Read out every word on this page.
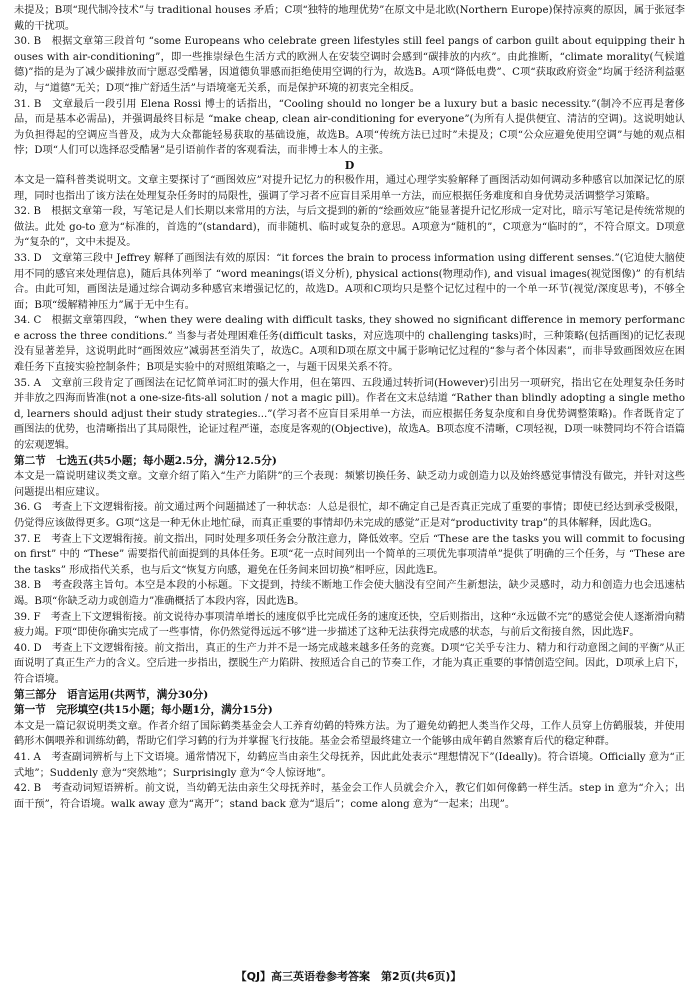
未提及；B项“现代制冷技术”与 traditional houses 矛盾；C项“独特的地理优势”在原文中是北欧(Northern Europe)保持凉爽的原因，属于张冠李戴的干扰项。

30. B　根据文章第三段首句 “some Europeans who celebrate green lifestyles still feel pangs of carbon guilt about equipping their houses with air-conditioning”，即一些推崇绿色生活方式的欧洲人在安装空调时会感到“碳排放的内疚”。由此推断，“climate morality(气候道德)”指的是为了减少碳排放而宁愿忍受酷暑，因道德负罪感而拒绝使用空调的行为，故选B。A项“降低电费”、C项“获取政府资金”均属于经济利益驱动，与“道德”无关；D项“推广舒适生活”与语境毫无关系，而是保护环境的初衷完全相反。

31. B　文章最后一段引用 Elena Rossi 博士的话指出，“Cooling should no longer be a luxury but a basic necessity.”(制冷不应再是奢侈品，而是基本必需品)，并强调最终目标是 “make cheap, clean air-conditioning for everyone”(为所有人提供便宜、清洁的空调)。这说明她认为负担得起的空调应当普及，成为大众都能轻易获取的基础设施，故选B。A项“传统方法已过时”未提及；C项“公众应避免使用空调”与她的观点相悖；D项“人们可以选择忍受酷暑”是引语前作者的客观看法，而非博士本人的主张。

D

本文是一篇科普类说明文。文章主要探讨了“画图效应”对提升记忆力的积极作用，通过心理学实验解释了画图活动如何调动多种感官以加深记忆的原理，同时也指出了该方法在处理复杂任务时的局限性，强调了学习者不应盲目采用单一方法，而应根据任务难度和自身优势灵活调整学习策略。

32. B　根据文章第一段，写笔记是人们长期以来常用的方法，与后文提到的新的“绘画效应”能显著提升记忆形成一定对比，暗示写笔记是传统常规的做法。此处 go-to 意为“标准的，首选的”(standard)，而非随机、临时或复杂的意思。A项意为“随机的”，C项意为“临时的”，不符合原文。D项意为“复杂的”，文中未提及。

33. D　文章第三段中 Jeffrey 解释了画图法有效的原因：“it forces the brain to process information using different senses.”(它迫使大脑使用不同的感官来处理信息)，随后具体列举了 “word meanings(语义分析), physical actions(物理动作), and visual images(视觉图像)” 的有机结合。由此可知，画图法是通过综合调动多种感官来增强记忆的，故选D。A项和C项均只是整个记忆过程中的一个单一环节(视觉/深度思考)，不够全面；B项“缓解精神压力”属于无中生有。

34. C　根据文章第四段，“when they were dealing with difficult tasks, they showed no significant difference in memory performance across the three conditions.” 当参与者处理困难任务(difficult tasks，对应选项中的 challenging tasks)时，三种策略(包括画图)的记忆表现没有显著差异，这说明此时“画图效应”减弱甚至消失了，故选C。A项和D项在原文中属于影响记忆过程的“参与者个体因素”，而非导致画图效应在困难任务下直接实验控制条件；B项是实验中的对照组策略之一，与题干因果关系不符。

35. A　文章前三段肯定了画图法在记忆简单词汇时的强大作用，但在第四、五段通过转折词(However)引出另一项研究，指出它在处理复杂任务时并非放之四海而皆准(not a one-size-fits-all solution / not a magic pill)。作者在文末总结道 “Rather than blindly adopting a single method, learners should adjust their study strategies...”(学习者不应盲目采用单一方法，而应根据任务复杂度和自身优势调整策略)。作者既肯定了画图法的优势，也清晰指出了其局限性，论证过程严谨，态度是客观的(Objective)，故选A。B项态度不清晰，C项轻视，D项一味赞同均不符合语篇的宏观逻辑。

第二节　七选五(共5小题；每小题2.5分，满分12.5分)

本文是一篇说明建议类文章。文章介绍了陷入“生产力陷阱”的三个表现：频繁切换任务、缺乏动力或创造力以及始终感觉事情没有做完，并针对这些问题提出相应建议。

36. G　考查上下文逻辑衔接。前文通过两个问题描述了一种状态：人总是很忙，却不确定自己是否真正完成了重要的事情；即使已经达到承受极限，仍觉得应该做得更多。G项“这是一种无休止地忙碌，而真正重要的事情却仍未完成的感觉”正是对“productivity trap”的具体解释，因此选G。

37. E　考查上下文逻辑衔接。前文指出，同时处理多项任务会分散注意力，降低效率。空后 “These are the tasks you will commit to focusing on first” 中的 “These” 需要指代前面提到的具体任务。E项“花一点时间列出一个简单的三项优先事项清单”提供了明确的三个任务，与 “These are the tasks” 形成指代关系，也与后文“恢复方向感，避免在任务间来回切换”相呼应，因此选E。

38. B　考查段落主旨句。本空是本段的小标题。下文提到，持续不断地工作会使大脑没有空间产生新想法，缺少灵感时，动力和创造力也会迅速枯竭。B项“你缺乏动力或创造力”准确概括了本段内容，因此选B。

39. F　考查上下文逻辑衔接。前文说待办事项清单增长的速度似乎比完成任务的速度还快，空后则指出，这种“永远做不完”的感觉会使人逐渐滑向精疲力竭。F项“即使你确实完成了一些事情，你仍然觉得远远不够”进一步描述了这种无法获得完成感的状态，与前后文衔接自然，因此选F。

40. D　考查上下文逻辑衔接。前文指出，真正的生产力并不是一场完成越来越多任务的竞赛。D项“它关乎专注力、精力和行动意图之间的平衡”从正面说明了真正生产力的含义。空后进一步指出，摆脱生产力陷阱、按照适合自己的节奏工作，才能为真正重要的事情创造空间。因此，D项承上启下，符合语境。

第三部分　语言运用(共两节，满分30分)

第一节　完形填空(共15小题；每小题1分，满分15分)

本文是一篇记叙说明类文章。作者介绍了国际鹤类基金会人工养育幼鹤的特殊方法。为了避免幼鹤把人类当作父母，工作人员穿上仿鹤服装，并使用鹤形木偶喂养和训练幼鹤，帮助它们学习鹤的行为并掌握飞行技能。基金会希望最终建立一个能够由成年鹤自然繁育后代的稳定种群。

41. A　考查副词辨析与上下文语境。通常情况下，幼鹤应当由亲生父母抚养，因此此处表示“理想情况下”(Ideally)。符合语境。Officially 意为“正式地”；Suddenly 意为“突然地”；Surprisingly 意为“令人惊讶地”。

42. B　考查动词短语辨析。前文说，当幼鹤无法由亲生父母抚养时，基金会工作人员就会介入，教它们如何像鹤一样生活。step in 意为“介入；出面干预”，符合语境。walk away 意为“离开”；stand back 意为“退后”；come along 意为“一起来；出现”。

【QJ】高三英语卷参考答案　第2页(共6页)】
